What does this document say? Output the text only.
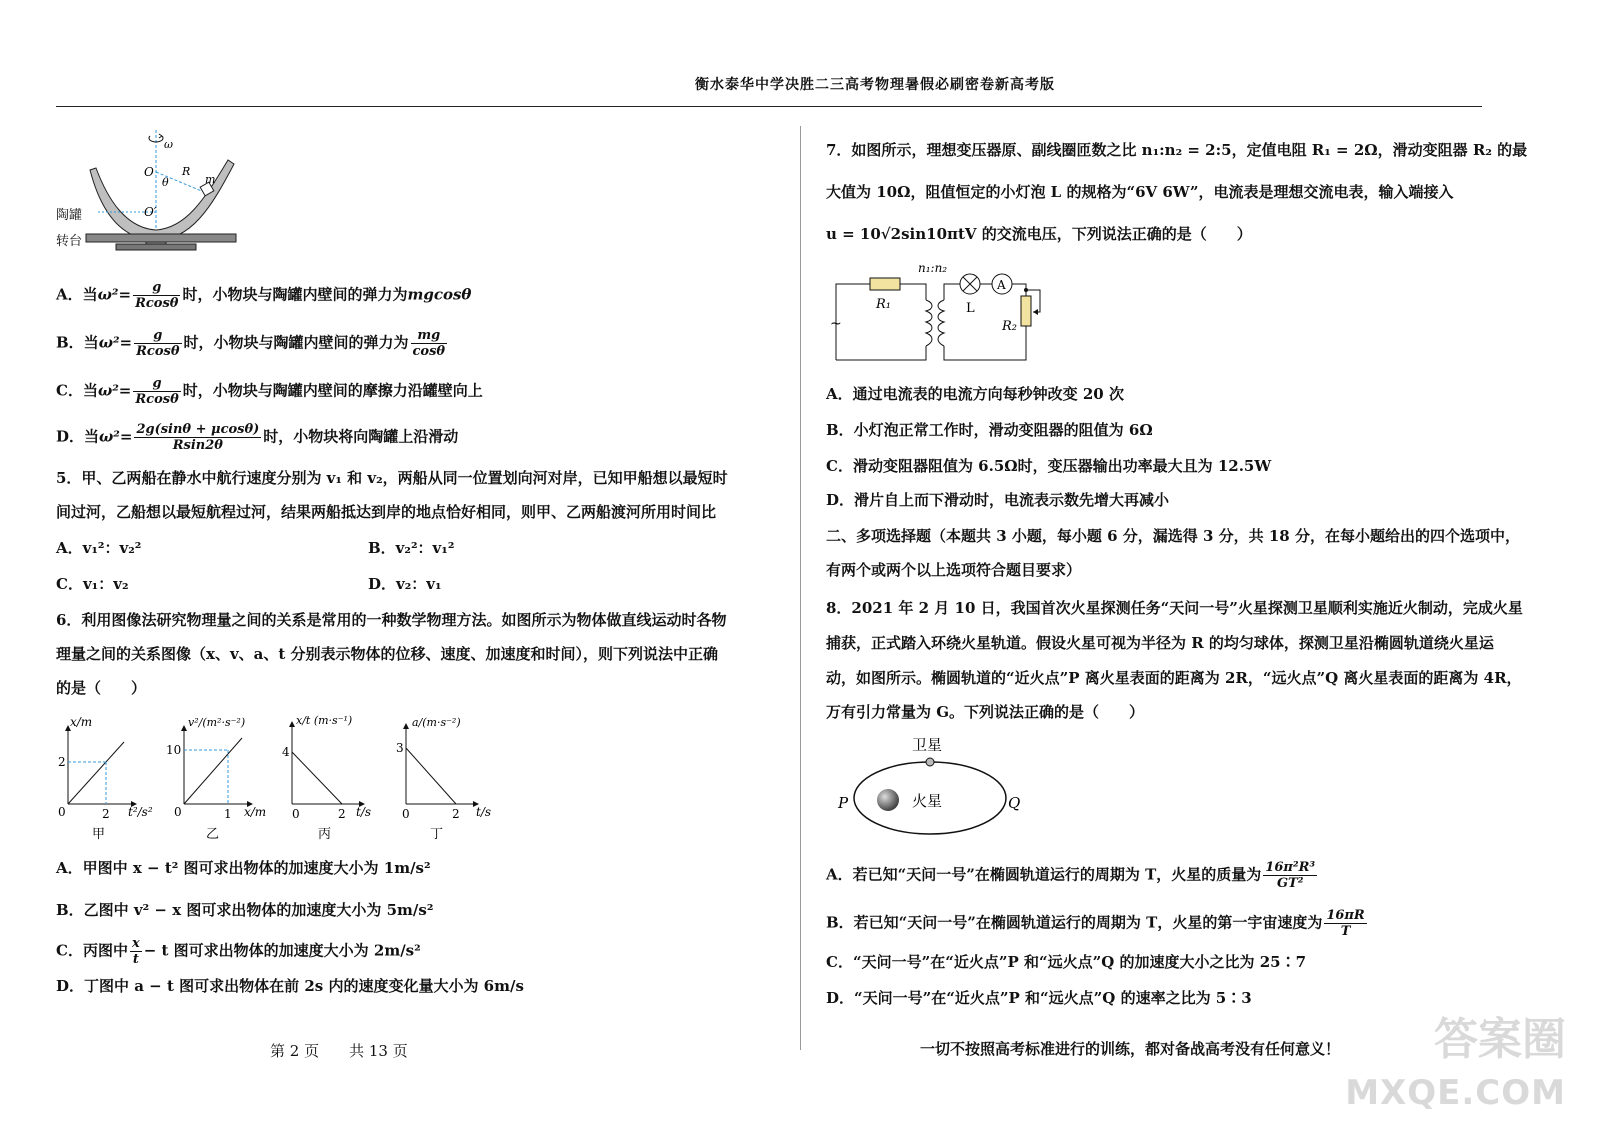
衡水泰华中学决胜二三高考物理暑假必刷密卷新高考版
ω
O	R
θ	m
O′
陶罐
转台
A．当$\omega^2= \frac{g}{Rcos\theta}$ 时，小物块与陶罐内壁间的弹力为mgcosθ
B．当$\omega^2= \frac{g}{Rcos\theta}$ 时，小物块与陶罐内壁间的弹力为 $\frac{mg}{\cos\theta}$
C．当$\omega^2= \frac{g}{Rcos\theta}$ 时，小物块与陶罐内壁间的摩擦力沿罐壁向上
D．当$\omega^2= \frac{2g(\sin\theta + \mu\cos\theta)}{Rsin2\theta}$ 时，小物块将向陶罐上沿滑动
5．甲、乙两船在静水中航行速度分别为 v₁ 和 v₂，两船从同一位置划向河对岸，已知甲船想以最短时
间过河，乙船想以最短航程过河，结果两船抵达到岸的地点恰好相同，则甲、乙两船渡河所用时间比
A．v₁²：v₂²	B．v₂²：v₁²
C．v₁：v₂	D．v₂：v₁
6．利用图像法研究物理量之间的关系是常用的一种数学物理方法。如图所示为物体做直线运动时各物
理量之间的关系图像（x、v、a、t 分别表示物体的位移、速度、加速度和时间），则下列说法中正确
的是（　　）
x/m
t²/s²
2
2
0
甲
v²/(m²·s⁻²)
x/m
10
1
0
乙
x/t (m·s⁻¹)
t/s
4
2
0
丙
a/(m·s⁻²)
t/s
3
2
0
丁
A．甲图中 x − t² 图可求出物体的加速度大小为 1m/s²
B．乙图中 v² − x 图可求出物体的加速度大小为 5m/s²
C．丙图中 $\frac{x}{t} - t$ 图可求出物体的加速度大小为 2m/s²
D．丁图中 a − t 图可求出物体在前 2s 内的速度变化量大小为 6m/s
7．如图所示，理想变压器原、副线圈匝数之比 n₁:n₂ = 2:5，定值电阻 R₁ = 2Ω，滑动变阻器 R₂ 的最
大值为 10Ω，阻值恒定的小灯泡 L 的规格为“6V 6W”，电流表是理想交流电表，输入端接入
u = 10√2sin10πtV 的交流电压，下列说法正确的是（　　）
n₁:n₂
R₁	L
A
R₂
~
A．通过电流表的电流方向每秒钟改变 20 次
B．小灯泡正常工作时，滑动变阻器的阻值为 6Ω
C．滑动变阻器阻值为 6.5Ω时，变压器输出功率最大且为 12.5W
D．滑片自上而下滑动时，电流表示数先增大再减小
二、多项选择题（本题共 3 小题，每小题 6 分，漏选得 3 分，共 18 分，在每小题给出的四个选项中，
有两个或两个以上选项符合题目要求）
8．2021 年 2 月 10 日，我国首次火星探测任务“天问一号”火星探测卫星顺利实施近火制动，完成火星
捕获，正式踏入环绕火星轨道。假设火星可视为半径为 R 的均匀球体，探测卫星沿椭圆轨道绕火星运
动，如图所示。椭圆轨道的“近火点”P 离火星表面的距离为 2R，“远火点”Q 离火星表面的距离为 4R，
万有引力常量为 G。下列说法正确的是（　　）
卫星
火星
P	Q
A．若已知“天问一号”在椭圆轨道运行的周期为 T，火星的质量为 $\frac{\text{16π²R³}}{\text{GT²}}$
B．若已知“天问一号”在椭圆轨道运行的周期为 T，火星的第一宇宙速度为 $\frac{16\pi R}{T}$
C．“天问一号”在“近火点”P 和“远火点”Q 的加速度大小之比为 25∶7
D．“天问一号”在“近火点”P 和“远火点”Q 的速率之比为 5∶3
第 2 页　　共 13 页	一切不按照高考标准进行的训练，都对备战高考没有任何意义！ 答案圈
MXQE.COM
